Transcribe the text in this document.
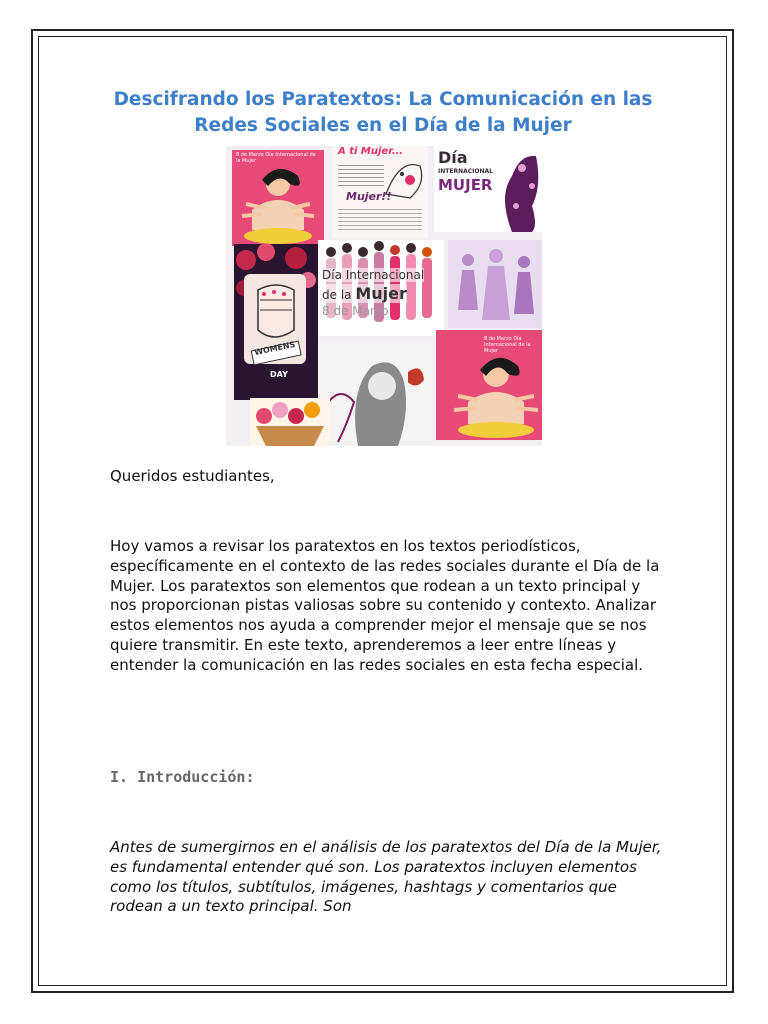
Descifrando los Paratextos: La Comunicación en las Redes Sociales en el Día de la Mujer
8 de Marzo Día Internacional de la Mujer
A ti Mujer...
Mujer!!
Día
INTERNACIONAL
MUJER
WOMENS
DAY
Día Internacional
de la Mujer
8 de Marzo
8 de Marzo Día Internacional de la Mujer
Queridos estudiantes,
Hoy vamos a revisar los paratextos en los textos periodísticos, específicamente en el contexto de las redes sociales durante el Día de la Mujer. Los paratextos son elementos que rodean a un texto principal y nos proporcionan pistas valiosas sobre su contenido y contexto. Analizar estos elementos nos ayuda a comprender mejor el mensaje que se nos quiere transmitir. En este texto, aprenderemos a leer entre líneas y entender la comunicación en las redes sociales en esta fecha especial.
I. Introducción:
Antes de sumergirnos en el análisis de los paratextos del Día de la Mujer, es fundamental entender qué son. Los paratextos incluyen elementos como los títulos, subtítulos, imágenes, hashtags y comentarios que rodean a un texto principal. Son
